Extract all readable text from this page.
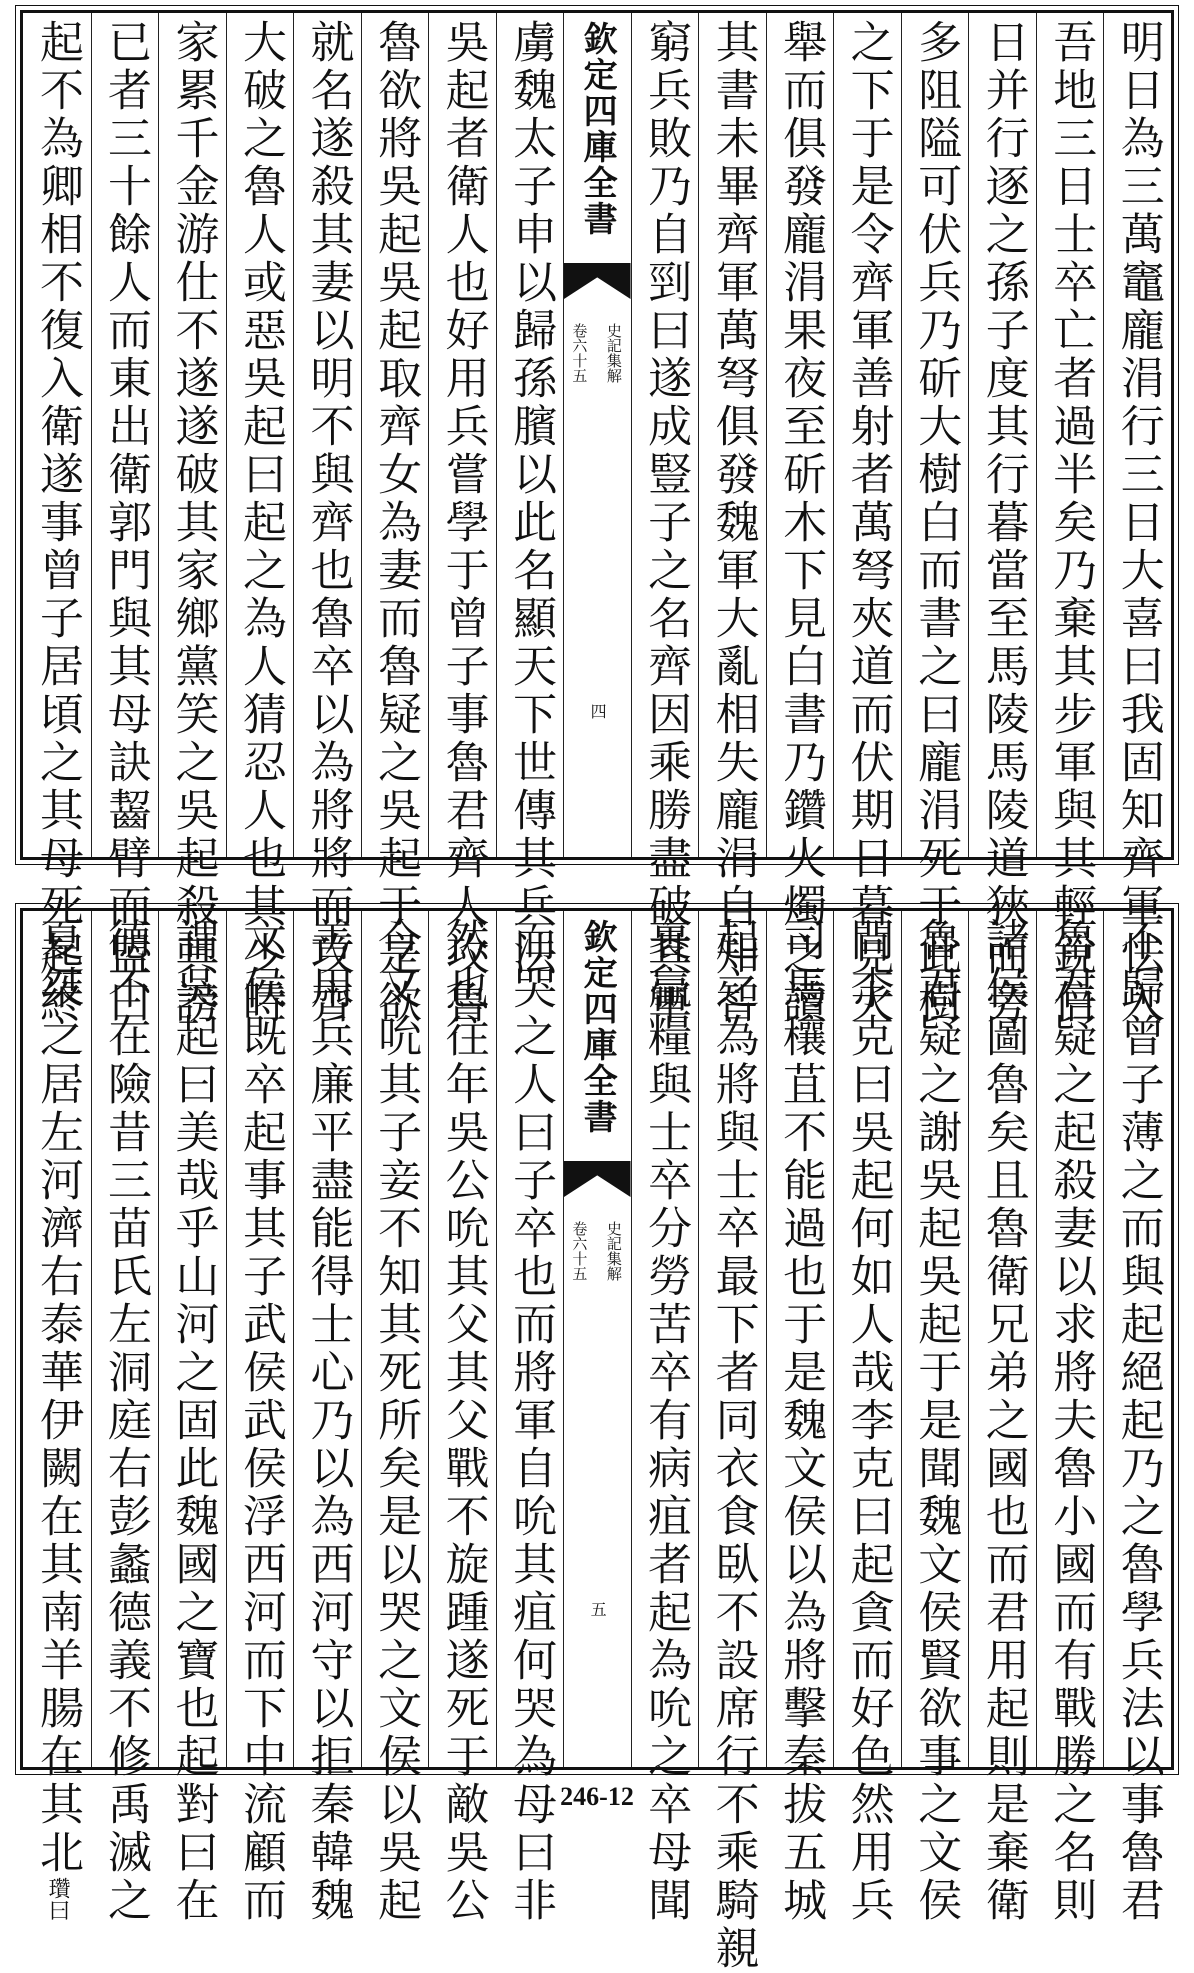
明日為三萬竈龐涓行三日大喜曰我固知齊軍怯入
吾地三日士卒亡者過半矣乃棄其步軍與其輕銳倍
日并行逐之孫子度其行暮當至馬陵馬陵道狹而旁
多阻隘可伏兵乃斫大樹白而書之曰龐涓死于此樹
之下于是令齊軍善射者萬弩夾道而伏期日暮見火
舉而俱發龐涓果夜至斫木下見白書乃鑽火燭之讀
其書未畢齊軍萬弩俱發魏軍大亂相失龐涓自知智
窮兵敗乃自剄曰遂成豎子之名齊因乘勝盡破其軍
欽定四庫全書
史記集解
卷六十五
四
虜魏太子申以歸孫臏以此名顯天下世傳其兵法
吳起者衛人也好用兵嘗學于曾子事魯君齊人攻魯
魯欲將吳起吳起取齊女為妻而魯疑之吳起于是欲
就名遂殺其妻以明不與齊也魯卒以為將將而攻齊
大破之魯人或惡吳起曰起之為人猜忍人也其少時
家累千金游仕不遂遂破其家鄉黨笑之吳起殺其謗
已者三十餘人而東出衛郭門與其母訣齧臂而盟曰
起不為卿相不復入衛遂事曾子居頃之其母死起終
不歸曾子薄之而與起絕起乃之魯學兵法以事魯君
魯君疑之起殺妻以求將夫魯小國而有戰勝之名則
諸侯圖魯矣且魯衛兄弟之國也而君用起則是棄衛
魯君疑之謝吳起吳起于是聞魏文侯賢欲事之文侯
問李克曰吳起何如人哉李克曰起貪而好色然用兵
司馬穰苴不能過也于是魏文侯以為將擊秦拔五城
起之為將與士卒最下者同衣食臥不設席行不乘騎親
裹贏糧與士卒分勞苦卒有病疽者起為吮之卒母聞
欽定四庫全書
史記集解
卷六十五
五
而哭之人曰子卒也而將軍自吮其疽何哭為母曰非
然也往年吳公吮其父其父戰不旋踵遂死于敵吳公
今又吮其子妾不知其死所矣是以哭之文侯以吳起
善用兵廉平盡能得士心乃以為西河守以拒秦韓魏
文侯既卒起事其子武侯武侯浮西河而下中流顧而
謂吳起曰美哉乎山河之固此魏國之寶也起對曰在
德不在險昔三苗氏左洞庭右彭蠡德義不修禹滅之
夏桀之居左河濟右泰華伊闕在其南羊腸在其北瓚曰
246-12
